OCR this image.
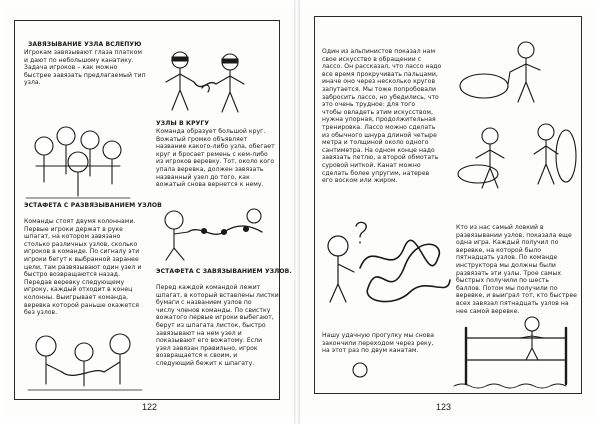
ЗАВЯЗЫВАНИЕ УЗЛА ВСЛЕПУЮ
Игрокам завязывают глаза платком
и дают по небольшому канатику.
Задача игроков – как можно
быстрее завязать предлагаемый тип
узла.
УЗЛЫ В КРУГУ
Команда образует большой круг.
Вожатый громко объявляет
название какого-либо узла, обегает
круг и бросает ремень с кем-либо
из игроков веревку. Тот, около кого
упала веревка, должен завязать
названный узел до того, как
вожатый снова вернется к нему.
ЭСТАФЕТА С РАЗВЯЗЫВАНИЕМ УЗЛОВ
Команды стоят двумя колоннами.
Первые игроки держат в руке
шпагат, на котором завязано
столько различных узлов, сколько
игроков в команде. По сигналу эти
игроки бегут к выбранной заранее
цели, там развязывают один узел и
быстро возвращаются назад.
Передав веревку следующему
игроку, каждый отходит в конец
колонны. Выигрывает команда,
веревка которой раньше окажется
без узлов.
ЭСТАФЕТА С ЗАВЯЗЫВАНИЕМ УЗЛОВ.
Перед каждой командой лежит
шпагат, в который вставлены листки
бумаги с названием узлов по
числу членов команды. По свистку
вожатого первые игроки выбегают,
берут из шпагата листок, быстро
завязывают на нем узел и
показывают его вожатому. Если
узел завязан правильно, игрок
возвращается к своим, и
следующий бежит к шпагату.
122
Один из альпинистов показал нам
свое искусство в обращении с
лассо. Он рассказал, что лассо надо
все время прокручивать пальцами,
иначе оно через несколько кругов
запутается. Мы тоже попробовали
забросить лассо, но убедились, что
это очень трудное: для того
чтобы овладеть этим искусством,
нужна упорная, продолжительная
тренировка. Лассо можно сделать
из обычного шнура длиной четыре
метра и толщиной около одного
сантиметра. На одном конце надо
завязать петлю, а второй обмотать
суровой ниткой. Канат можно
сделать более упругим, натерев
его воском или жиром.
Кто из нас самый ловкий в
развязывании узлов, показала еще
одна игра. Каждый получил по
веревке, на которой было
пятнадцать узлов. По команде
инструктора мы должны были
развязать эти узлы. Трое самых
быстрых получили по шесть
баллов. Потом мы получили по
веревке, и выиграл тот, кто быстрее
всех завязал пятнадцать узлов на
нее самой веревке.
Нашу удачную прогулку мы снова
закончили переходом через реку,
на этот раз по двум канатам.
123
